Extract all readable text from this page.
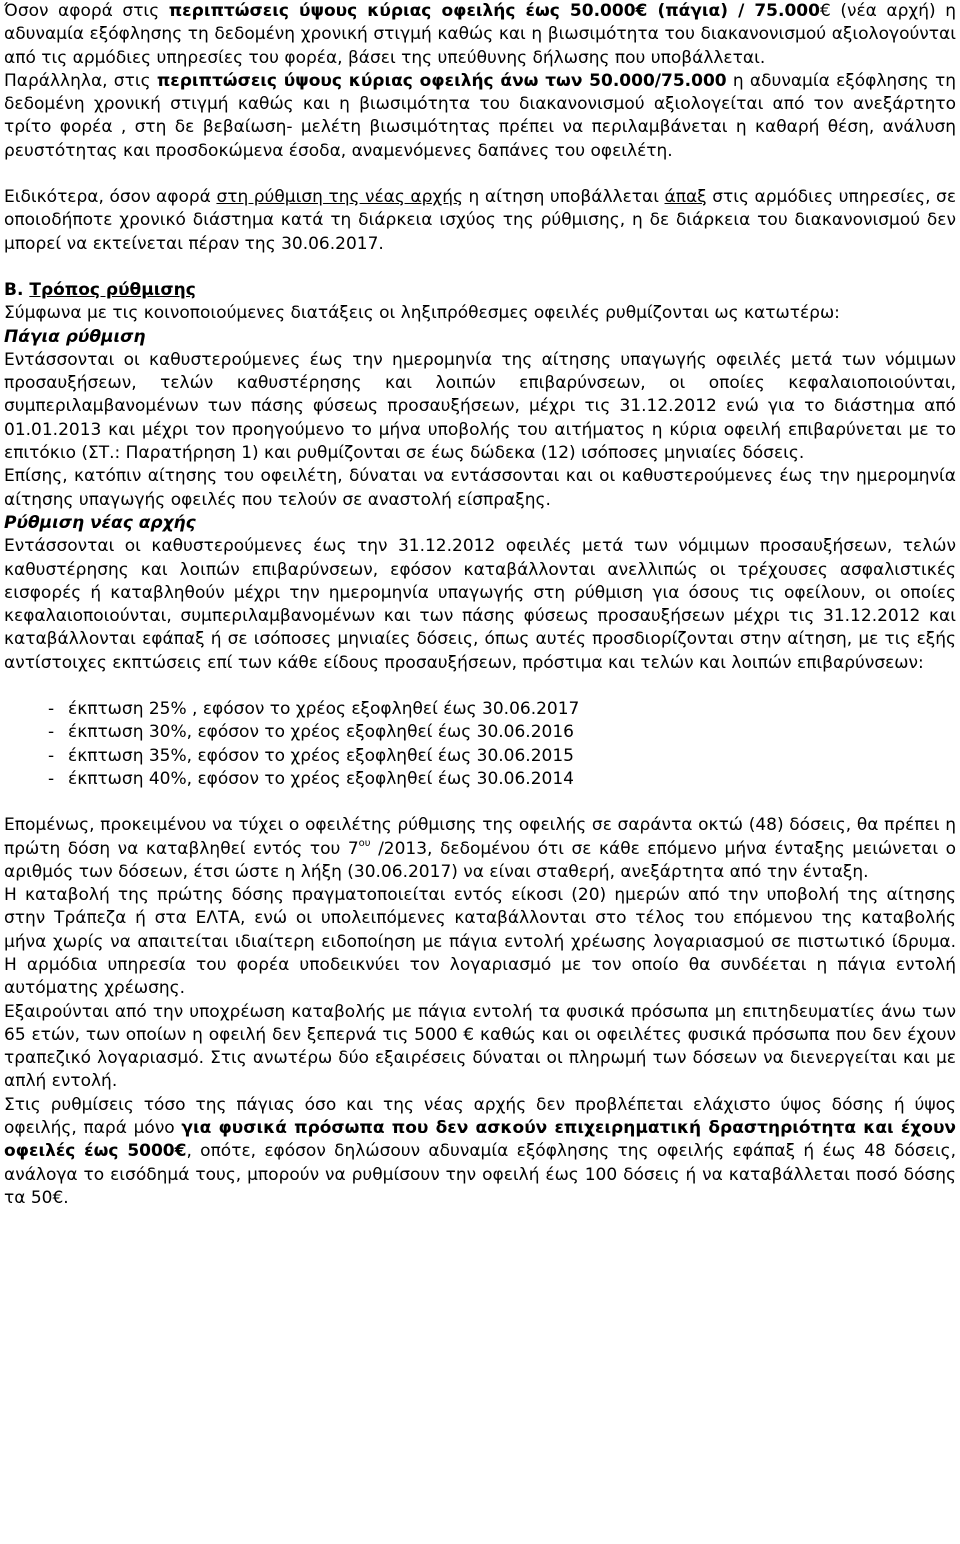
Όσον αφορά στις περιπτώσεις ύψους κύριας οφειλής έως 50.000€ (πάγια) / 75.000€ (νέα αρχή) η αδυναμία εξόφλησης τη δεδομένη χρονική στιγμή καθώς και η βιωσιμότητα του διακανονισμού αξιολογούνται από τις αρμόδιες υπηρεσίες του φορέα, βάσει της υπεύθυνης δήλωσης που υποβάλλεται.

Παράλληλα, στις περιπτώσεις ύψους κύριας οφειλής άνω των 50.000/75.000 η αδυναμία εξόφλησης τη δεδομένη χρονική στιγμή καθώς και η βιωσιμότητα του διακανονισμού αξιολογείται από τον ανεξάρτητο τρίτο φορέα , στη δε βεβαίωση- μελέτη βιωσιμότητας πρέπει να περιλαμβάνεται η καθαρή θέση, ανάλυση ρευστότητας και προσδοκώμενα έσοδα, αναμενόμενες δαπάνες του οφειλέτη.

Ειδικότερα, όσον αφορά στη ρύθμιση της νέας αρχής η αίτηση υποβάλλεται άπαξ στις αρμόδιες υπηρεσίες, σε οποιοδήποτε χρονικό διάστημα κατά τη διάρκεια ισχύος της ρύθμισης, η δε διάρκεια του διακανονισμού δεν μπορεί να εκτείνεται πέραν της 30.06.2017.

Β. Τρόπος ρύθμισης

Σύμφωνα με τις κοινοποιούμενες διατάξεις οι ληξιπρόθεσμες οφειλές ρυθμίζονται ως κατωτέρω:

Πάγια ρύθμιση

Εντάσσονται οι καθυστερούμενες έως την ημερομηνία της αίτησης υπαγωγής οφειλές μετά των νόμιμων προσαυξήσεων, τελών καθυστέρησης και λοιπών επιβαρύνσεων, οι οποίες κεφαλαιοποιούνται, συμπεριλαμβανομένων των πάσης φύσεως προσαυξήσεων, μέχρι τις 31.12.2012 ενώ για το διάστημα από 01.01.2013 και μέχρι τον προηγούμενο το μήνα υποβολής του αιτήματος η κύρια οφειλή επιβαρύνεται με το επιτόκιο (ΣΤ.: Παρατήρηση 1) και ρυθμίζονται σε έως δώδεκα (12) ισόποσες μηνιαίες δόσεις.

Επίσης, κατόπιν αίτησης του οφειλέτη, δύναται να εντάσσονται και οι καθυστερούμενες έως την ημερομηνία αίτησης υπαγωγής οφειλές που τελούν σε αναστολή είσπραξης.

Ρύθμιση νέας αρχής

Εντάσσονται οι καθυστερούμενες έως την 31.12.2012 οφειλές μετά των νόμιμων προσαυξήσεων, τελών καθυστέρησης και λοιπών επιβαρύνσεων, εφόσον καταβάλλονται ανελλιπώς οι τρέχουσες ασφαλιστικές εισφορές ή καταβληθούν μέχρι την ημερομηνία υπαγωγής στη ρύθμιση για όσους τις οφείλουν, οι οποίες κεφαλαιοποιούνται, συμπεριλαμβανομένων και των πάσης φύσεως προσαυξήσεων μέχρι τις 31.12.2012 και καταβάλλονται εφάπαξ ή σε ισόποσες μηνιαίες δόσεις, όπως αυτές προσδιορίζονται στην αίτηση, με τις εξής αντίστοιχες εκπτώσεις επί των κάθε είδους προσαυξήσεων, πρόστιμα και τελών και λοιπών επιβαρύνσεων:

- έκπτωση 25% , εφόσον το χρέος εξοφληθεί έως 30.06.2017
- έκπτωση 30%, εφόσον το χρέος εξοφληθεί έως 30.06.2016
- έκπτωση 35%, εφόσον το χρέος εξοφληθεί έως 30.06.2015
- έκπτωση 40%, εφόσον το χρέος εξοφληθεί έως 30.06.2014

Επομένως, προκειμένου να τύχει ο οφειλέτης ρύθμισης της οφειλής σε σαράντα οκτώ (48) δόσεις, θα πρέπει η πρώτη δόση να καταβληθεί εντός του $7^{o\upsilon}$ /2013, δεδομένου ότι σε κάθε επόμενο μήνα ένταξης μειώνεται ο αριθμός των δόσεων, έτσι ώστε η λήξη (30.06.2017) να είναι σταθερή, ανεξάρτητα από την ένταξη.

Η καταβολή της πρώτης δόσης πραγματοποιείται εντός είκοσι (20) ημερών από την υποβολή της αίτησης στην Τράπεζα ή στα ΕΛΤΑ, ενώ οι υπολειπόμενες καταβάλλονται στο τέλος του επόμενου της καταβολής μήνα χωρίς να απαιτείται ιδιαίτερη ειδοποίηση με πάγια εντολή χρέωσης λογαριασμού σε πιστωτικό ίδρυμα. Η αρμόδια υπηρεσία του φορέα υποδεικνύει τον λογαριασμό με τον οποίο θα συνδέεται η πάγια εντολή αυτόματης χρέωσης.

Εξαιρούνται από την υποχρέωση καταβολής με πάγια εντολή τα φυσικά πρόσωπα μη επιτηδευματίες άνω των 65 ετών, των οποίων η οφειλή δεν ξεπερνά τις 5000 € καθώς και οι οφειλέτες φυσικά πρόσωπα που δεν έχουν τραπεζικό λογαριασμό. Στις ανωτέρω δύο εξαιρέσεις δύναται οι πληρωμή των δόσεων να διενεργείται και με απλή εντολή.

Στις ρυθμίσεις τόσο της πάγιας όσο και της νέας αρχής δεν προβλέπεται ελάχιστο ύψος δόσης ή ύψος οφειλής, παρά μόνο για φυσικά πρόσωπα που δεν ασκούν επιχειρηματική δραστηριότητα και έχουν οφειλές έως 5000€, οπότε, εφόσον δηλώσουν αδυναμία εξόφλησης της οφειλής εφάπαξ ή έως 48 δόσεις, ανάλογα το εισόδημά τους, μπορούν να ρυθμίσουν την οφειλή έως 100 δόσεις ή να καταβάλλεται ποσό δόσης τα 50€.
